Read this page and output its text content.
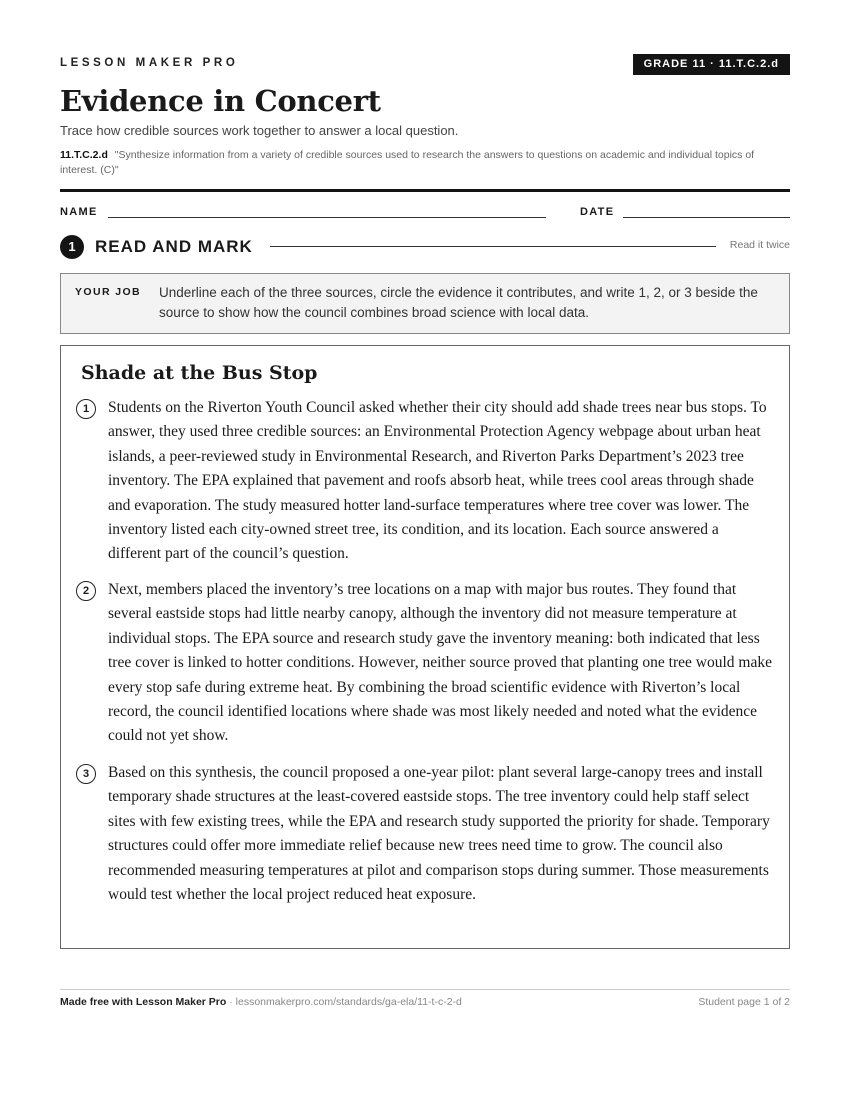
LESSON MAKER PRO	GRADE 11 · 11.T.C.2.d
Evidence in Concert
Trace how credible sources work together to answer a local question.
11.T.C.2.d "Synthesize information from a variety of credible sources used to research the answers to questions on academic and individual topics of interest. (C)"
NAME	DATE
1	READ AND MARK	Read it twice
YOUR JOB Underline each of the three sources, circle the evidence it contributes, and write 1, 2, or 3 beside the source to show how the council combines broad science with local data.
Shade at the Bus Stop
1	Students on the Riverton Youth Council asked whether their city should add shade trees near bus stops. To answer, they used three credible sources: an Environmental Protection Agency webpage about urban heat islands, a peer-reviewed study in Environmental Research, and Riverton Parks Department’s 2023 tree inventory. The EPA explained that pavement and roofs absorb heat, while trees cool areas through shade and evaporation. The study measured hotter land-surface temperatures where tree cover was lower. The inventory listed each city-owned street tree, its condition, and its location. Each source answered a different part of the council’s question.
2	Next, members placed the inventory’s tree locations on a map with major bus routes. They found that several eastside stops had little nearby canopy, although the inventory did not measure temperature at individual stops. The EPA source and research study gave the inventory meaning: both indicated that less tree cover is linked to hotter conditions. However, neither source proved that planting one tree would make every stop safe during extreme heat. By combining the broad scientific evidence with Riverton’s local record, the council identified locations where shade was most likely needed and noted what the evidence could not yet show.
3	Based on this synthesis, the council proposed a one-year pilot: plant several large-canopy trees and install temporary shade structures at the least-covered eastside stops. The tree inventory could help staff select sites with few existing trees, while the EPA and research study supported the priority for shade. Temporary structures could offer more immediate relief because new trees need time to grow. The council also recommended measuring temperatures at pilot and comparison stops during summer. Those measurements would test whether the local project reduced heat exposure.
Made free with Lesson Maker Pro · lessonmakerpro.com/standards/ga-ela/11-t-c-2-d	Student page 1 of 2
